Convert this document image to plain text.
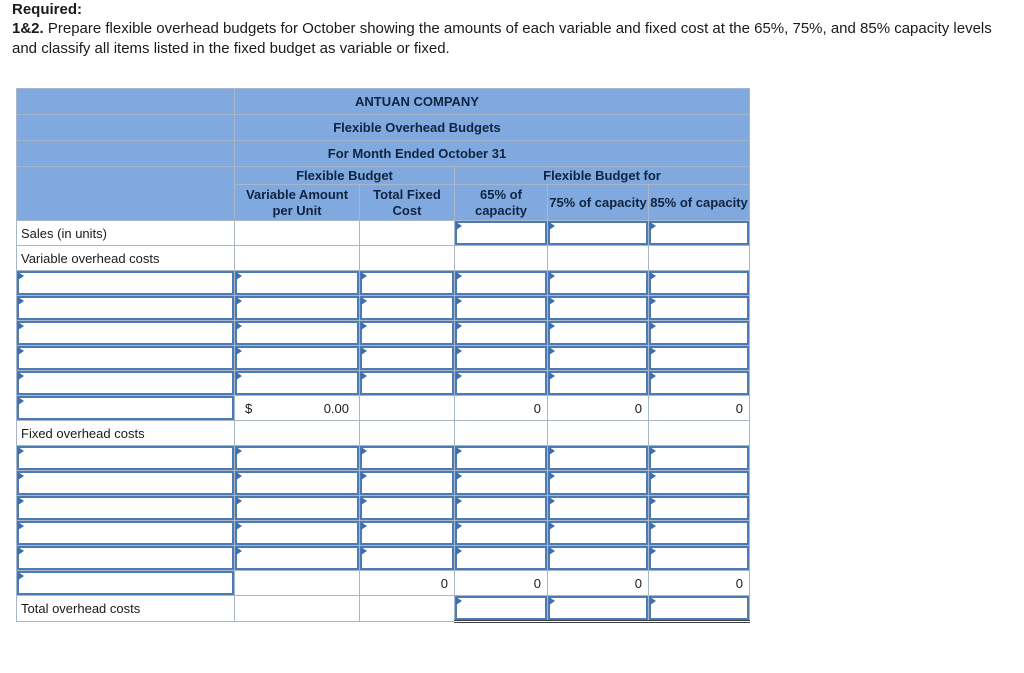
Required:
1&2. Prepare flexible overhead budgets for October showing the amounts of each variable and fixed cost at the 65%, 75%, and 85% capacity levels and classify all items listed in the fixed budget as variable or fixed.
	ANTUAN COMPANY				
	Flexible Overhead Budgets				
	For Month Ended October 31				
	Flexible Budget		Flexible Budget for		
	Variable Amount per Unit	Total Fixed Cost	65% of capacity	75% of capacity	85% of capacity
Sales (in units)					
Variable overhead costs					

	$ 0.00		0	0	0
Fixed overhead costs					

		0	0	0	0
Total overhead costs					
